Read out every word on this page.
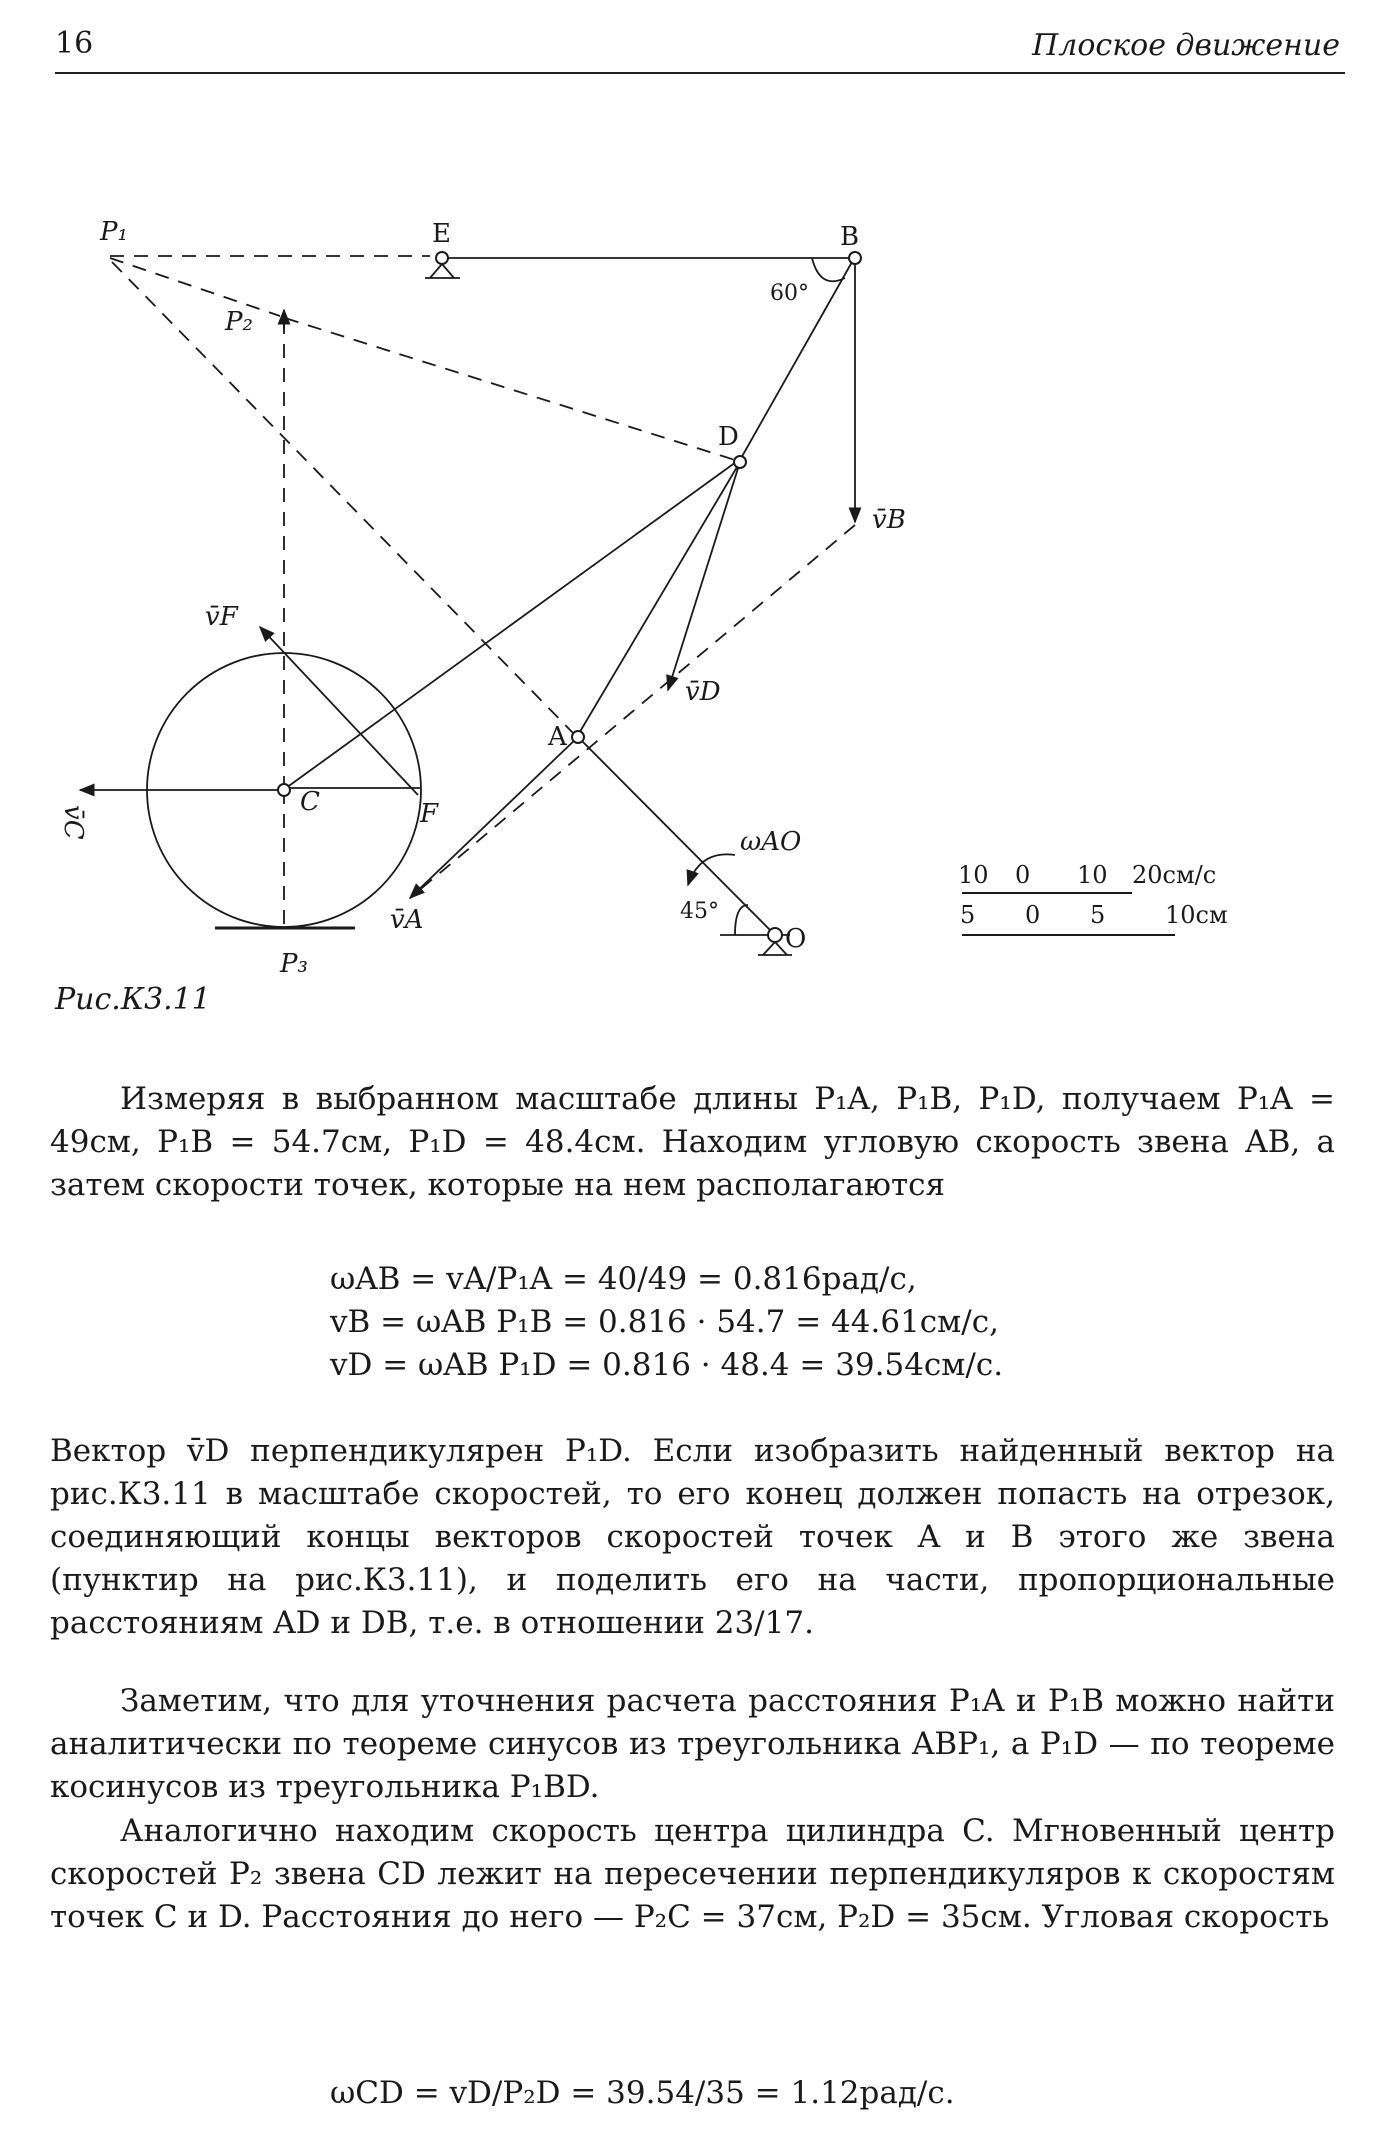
16	Плоское движение
P₁
P₂
P₃
E	B
D
A
C	F
O
60°
45°
v̄B
v̄D
v̄A
v̄F
v̄C
ωAO
10 0 10 20см/с
5 0 5 10см
Рис.К3.11
Измеряя в выбранном масштабе длины P₁A, P₁B, P₁D, получаем P₁A = 49см, P₁B = 54.7см, P₁D = 48.4см. Находим угловую скорость звена AB, а затем скорости точек, которые на нем располагаются
ωAB = vA/P₁A = 40/49 = 0.816рад/с,
vB = ωAB P₁B = 0.816 · 54.7 = 44.61см/с,
vD = ωAB P₁D = 0.816 · 48.4 = 39.54см/с.
Вектор v̄D перпендикулярен P₁D. Если изобразить найденный вектор на рис.К3.11 в масштабе скоростей, то его конец должен попасть на отрезок, соединяющий концы векторов скоростей точек A и B этого же звена (пунктир на рис.К3.11), и поделить его на части, пропорциональные расстояниям AD и DB, т.е. в отношении 23/17.
Заметим, что для уточнения расчета расстояния P₁A и P₁B можно найти аналитически по теореме синусов из треугольника ABP₁, а P₁D — по теореме косинусов из треугольника P₁BD.
Аналогично находим скорость центра цилиндра C. Мгновенный центр скоростей P₂ звена CD лежит на пересечении перпендикуляров к скоростям точек C и D. Расстояния до него — P₂C = 37см, P₂D = 35см. Угловая скорость
ωCD = vD/P₂D = 39.54/35 = 1.12рад/с.
